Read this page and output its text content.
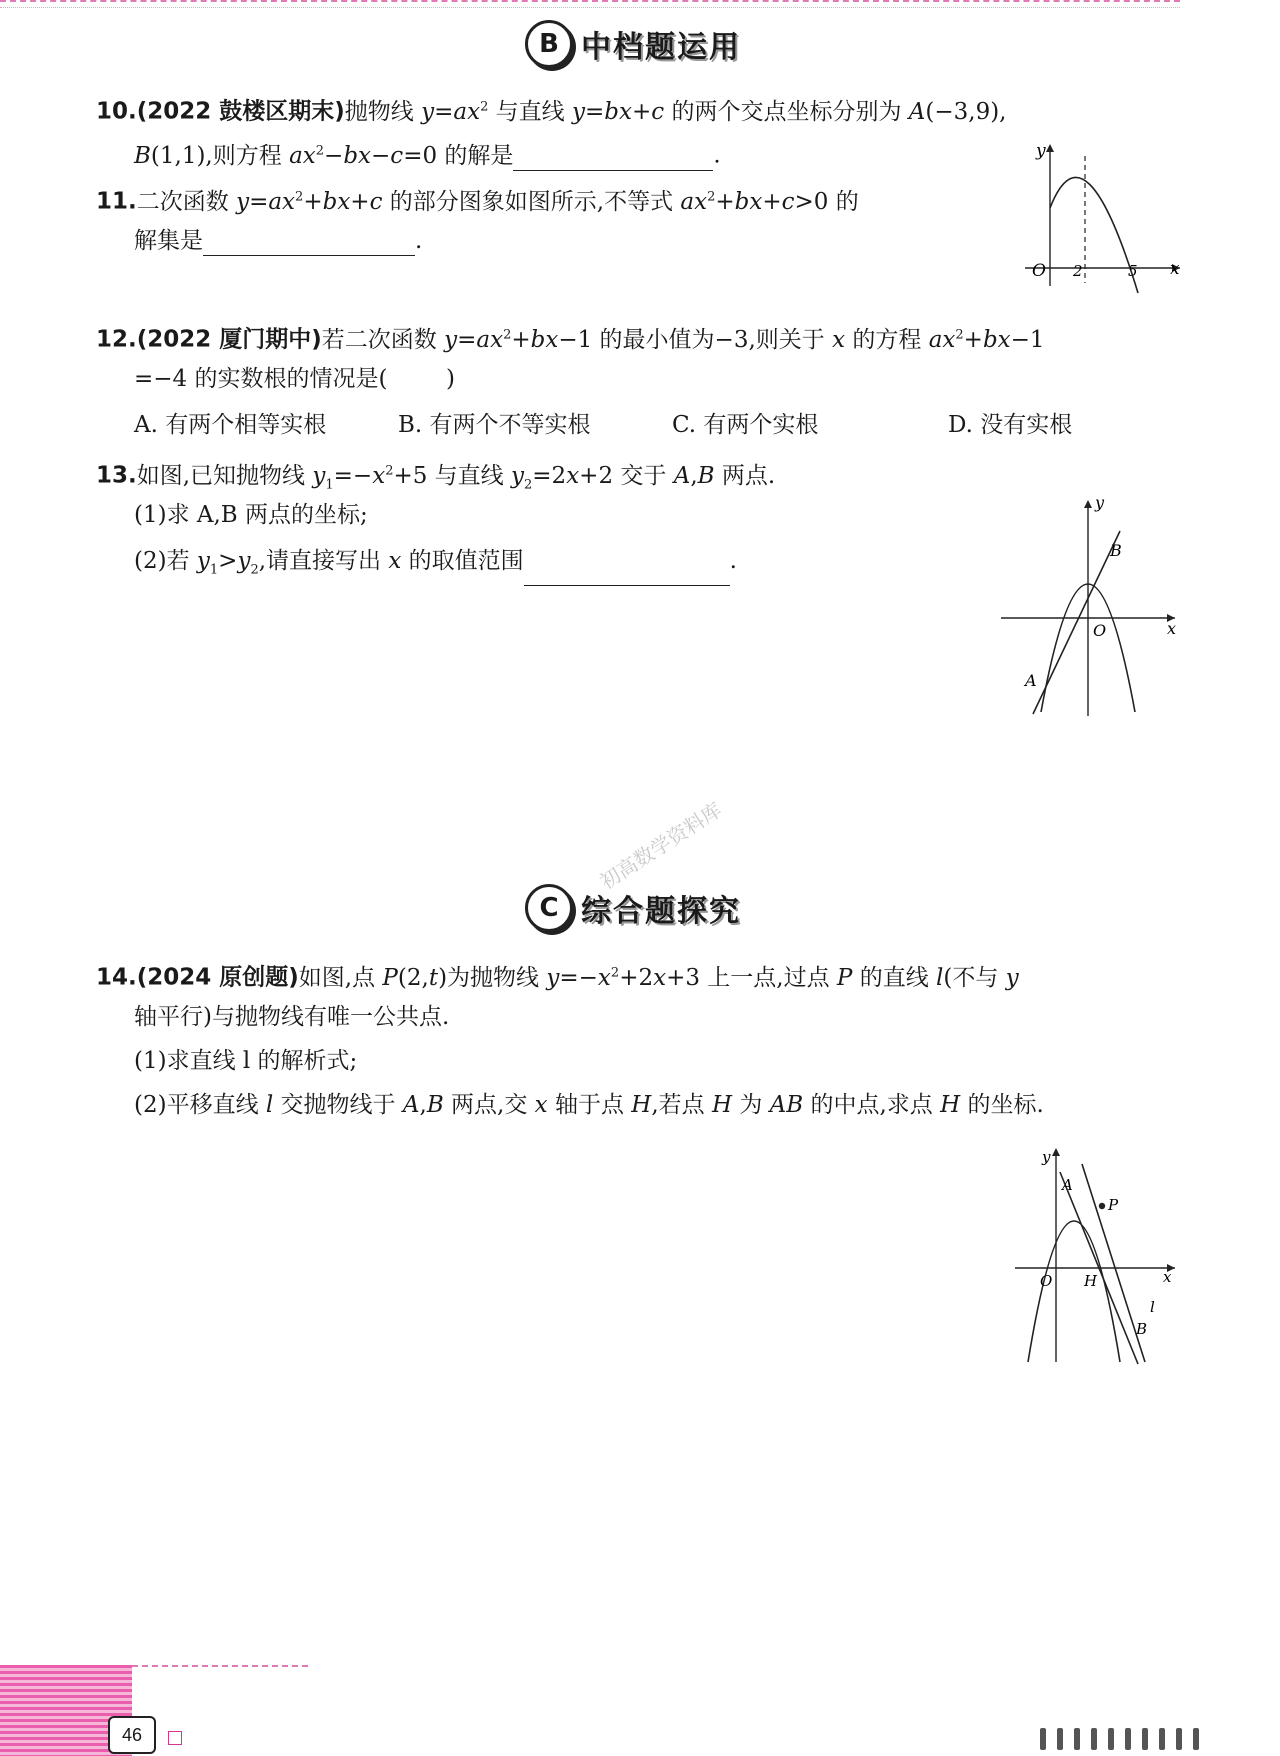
B 中档题运用
10.(2022 鼓楼区期末)抛物线 $y=ax^2$ 与直线 y=bx+c 的两个交点坐标分别为 A(−3,9),
B(1,1),则方程 $ax^2-bx-c=0$ 的解是	.
11.二次函数 $y=ax^2+bx+c$ 的部分图象如图所示,不等式 $ax^2+bx+c>0$ 的
解集是	.
y
O 2	5 x
12.(2022 厦门期中)若二次函数 $y=ax^2+bx-1$ 的最小值为−3,则关于 x 的方程 $ax^2+bx-1$
=−4 的实数根的情况是(        )
A. 有两个相等实根	B. 有两个不等实根	C. 有两个实根	D. 没有实根
13.如图,已知抛物线 $y_1=-x^2+5$ 与直线 $y_2=2x+2$ 交于 A,B 两点.
(1)求 A,B 两点的坐标;
(2)若 $y_1>y_2$,请直接写出 x 的取值范围	.
y
B
O	x
A
初高数学资料库
C 综合题探究
14.(2024 原创题)如图,点 P(2,t)为抛物线 $y=-x^2+2x+3$ 上一点,过点 P 的直线 l(不与 y
轴平行)与抛物线有唯一公共点.
(1)求直线 l 的解析式;
(2)平移直线 l 交抛物线于 A,B 两点,交 x 轴于点 H,若点 H 为 AB 的中点,求点 H 的坐标.
y
A
P
O H	x
l
B
46
